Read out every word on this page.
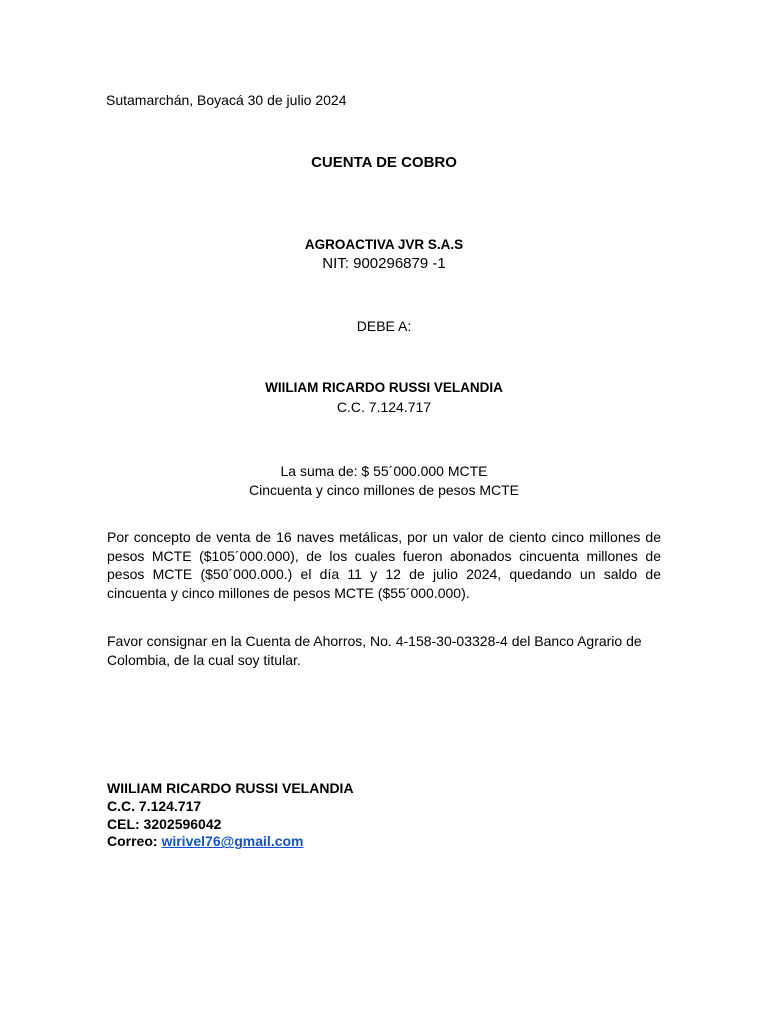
Sutamarchán, Boyacá 30 de julio 2024
CUENTA DE COBRO
AGROACTIVA JVR S.A.S
NIT: 900296879 -1
DEBE A:
WIILIAM RICARDO RUSSI VELANDIA
C.C. 7.124.717
La suma de: $ 55´000.000 MCTE
Cincuenta y cinco millones de pesos MCTE
Por concepto de venta de 16 naves metálicas, por un valor de ciento cinco millones de pesos MCTE ($105´000.000), de los cuales fueron abonados cincuenta millones de pesos MCTE ($50´000.000.) el día 11 y 12 de julio 2024, quedando un saldo de cincuenta y cinco millones de pesos MCTE ($55´000.000).
Favor consignar en la Cuenta de Ahorros, No. 4-158-30-03328-4 del Banco Agrario de Colombia, de la cual soy titular.
WIILIAM RICARDO RUSSI VELANDIA
C.C. 7.124.717
CEL: 3202596042
Correo: wirivel76@gmail.com
